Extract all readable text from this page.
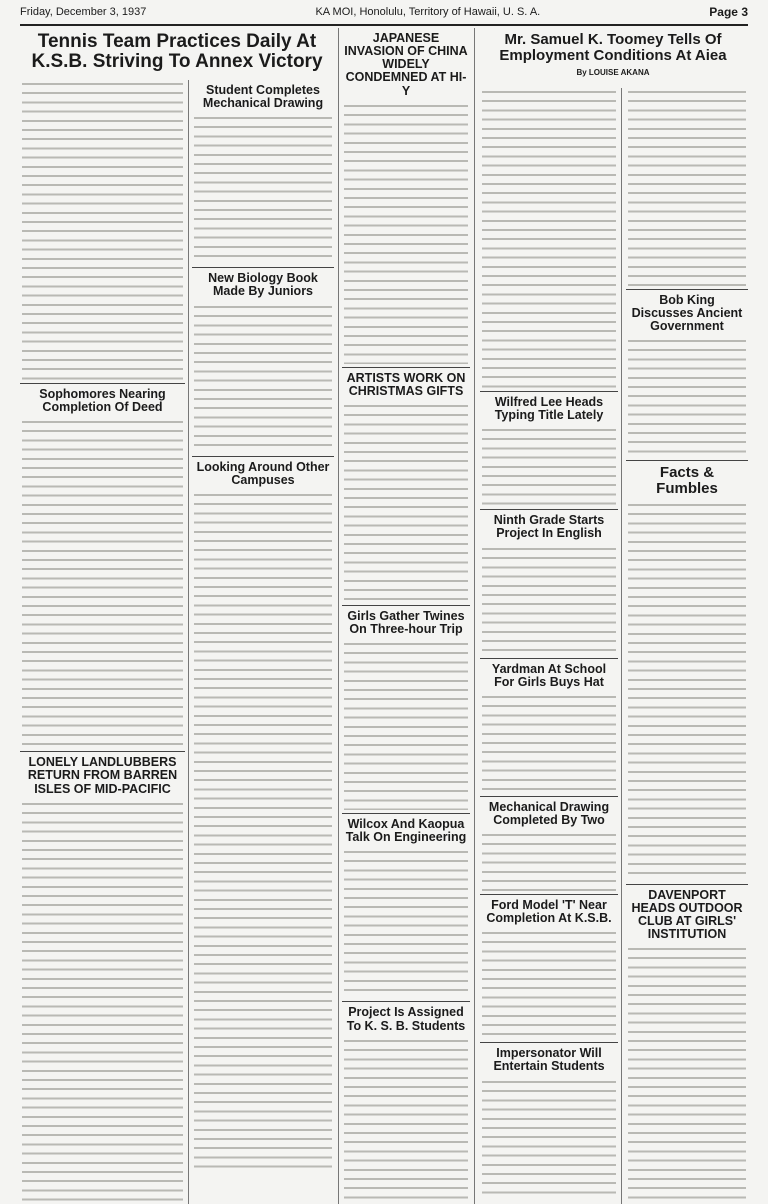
Friday, December 3, 1937	KA MOI, Honolulu, Territory of Hawaii, U. S. A.	Page 3
Tennis Team Practices Daily At K.S.B. Striving To Annex Victory
Sophomores Nearing Completion Of Deed
LONELY LANDLUBBERS RETURN FROM BARREN ISLES OF MID-PACIFIC
Student Completes Mechanical Drawing
New Biology Book Made By Juniors
Looking Around Other Campuses
JAPANESE INVASION OF CHINA WIDELY CONDEMNED AT HI-Y
ARTISTS WORK ON CHRISTMAS GIFTS
Girls Gather Twines On Three-hour Trip
Wilcox And Kaopua Talk On Engineering
Project Is Assigned To K. S. B. Students
Mr. Samuel K. Toomey Tells Of Employment Conditions At Aiea
By LOUISE AKANA
Wilfred Lee Heads Typing Title Lately
Ninth Grade Starts Project In English
Yardman At School For Girls Buys Hat
Mechanical Drawing Completed By Two
Ford Model 'T' Near Completion At K.S.B.
Impersonator Will Entertain Students
Bob King Discusses Ancient Government
Facts & Fumbles
DAVENPORT HEADS OUTDOOR CLUB AT GIRLS' INSTITUTION
